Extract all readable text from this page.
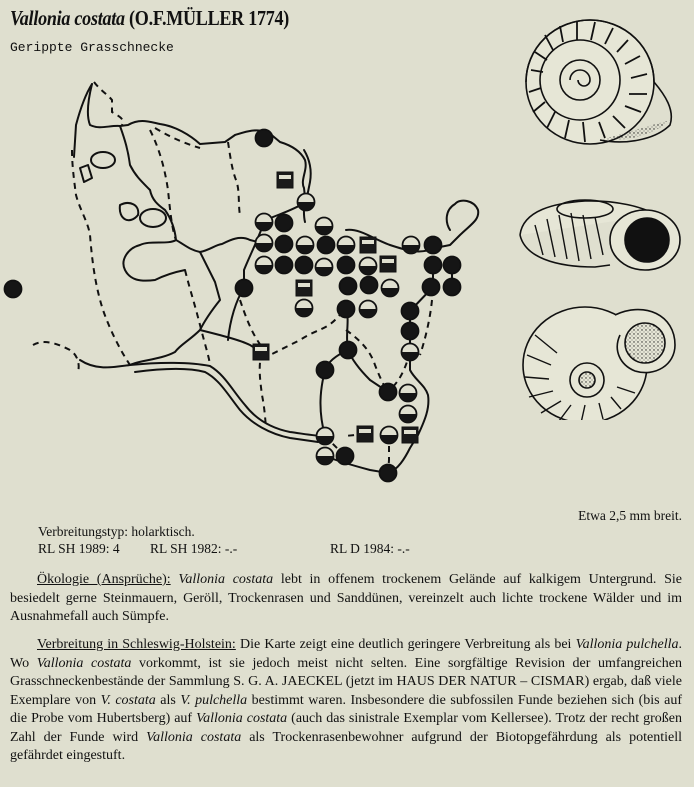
Vallonia costata (O.F.MÜLLER 1774)
Gerippte Grasschnecke
Etwa 2,5 mm breit.
Verbreitungstyp: holarktisch.
RL SH 1989: 4 RL SH 1982: -.-	RL D 1984: -.-
Ökologie (Ansprüche): Vallonia costata lebt in offenem trockenem Gelände auf kalkigem Untergrund. Sie besiedelt gerne Steinmauern, Geröll, Trockenrasen und Sanddünen, vereinzelt auch lichte trockene Wälder und im Ausnahmefall auch Sümpfe.
Verbreitung in Schleswig-Holstein: Die Karte zeigt eine deutlich geringere Verbreitung als bei Vallonia pulchella. Wo Vallonia costata vorkommt, ist sie jedoch meist nicht selten. Eine sorgfältige Revision der umfangreichen Grasschneckenbestände der Sammlung S. G. A. JAECKEL (jetzt im HAUS DER NATUR – CISMAR) ergab, daß viele Exemplare von V. costata als V. pulchella bestimmt waren. Insbesondere die subfossilen Funde beziehen sich (bis auf die Probe vom Hubertsberg) auf Vallonia costata (auch das sinistrale Exemplar vom Kellersee). Trotz der recht großen Zahl der Funde wird Vallonia costata als Trockenrasenbewohner aufgrund der Biotopgefährdung als potentiell gefährdet eingestuft.
